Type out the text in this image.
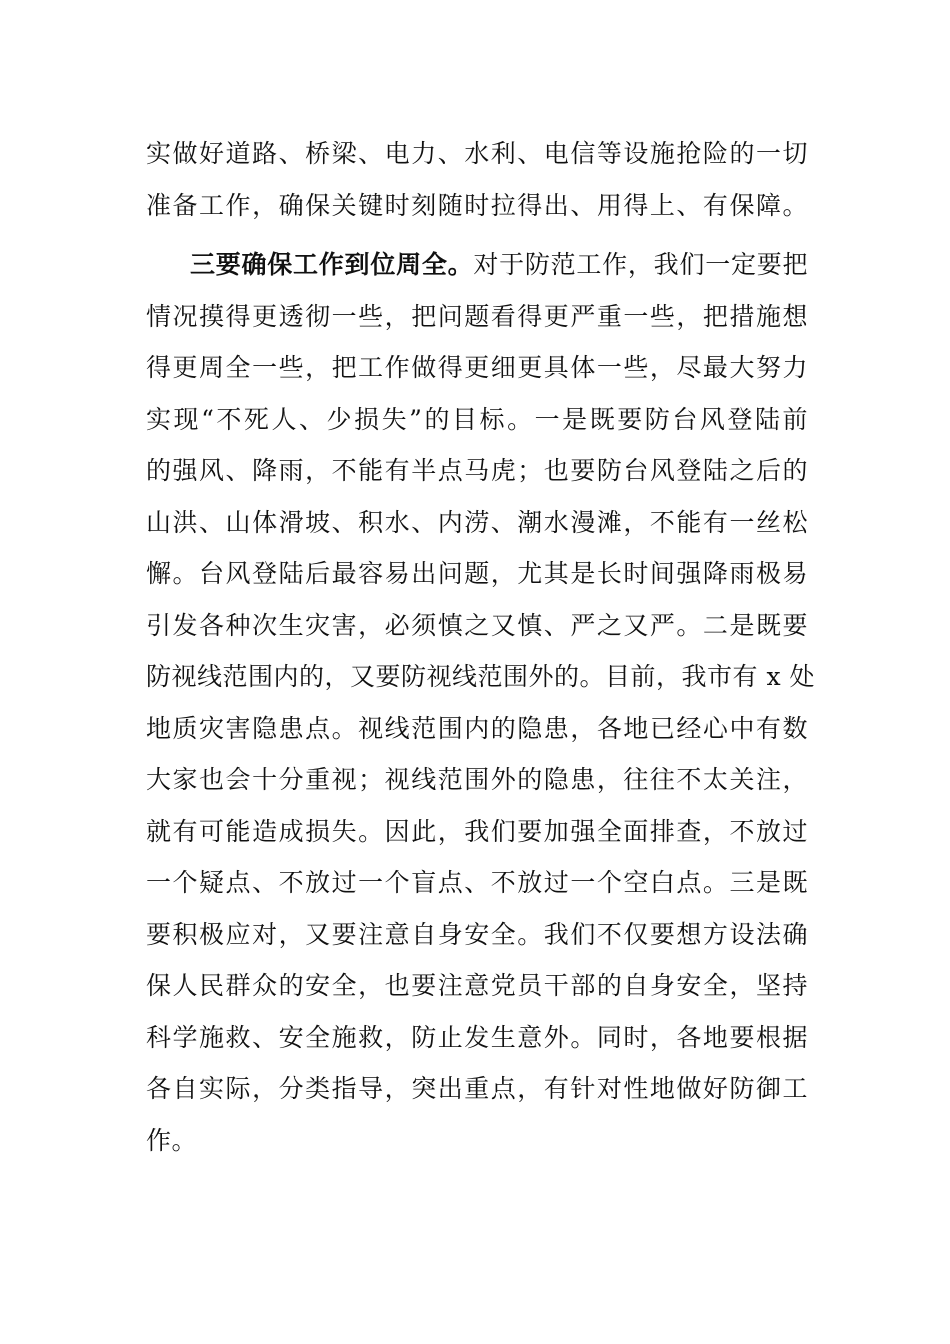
实做好道路、桥梁、电力、水利、电信等设施抢险的一切
准备工作，确保关键时刻随时拉得出、用得上、有保障。
三要确保工作到位周全。对于防范工作，我们一定要把
情况摸得更透彻一些，把问题看得更严重一些，把措施想
得更周全一些，把工作做得更细更具体一些，尽最大努力
实现“不死人、少损失”的目标。一是既要防台风登陆前
的强风、降雨，不能有半点马虎；也要防台风登陆之后的
山洪、山体滑坡、积水、内涝、潮水漫滩，不能有一丝松
懈。台风登陆后最容易出问题，尤其是长时间强降雨极易
引发各种次生灾害，必须慎之又慎、严之又严。二是既要
防视线范围内的，又要防视线范围外的。目前，我市有 x 处
地质灾害隐患点。视线范围内的隐患，各地已经心中有数
大家也会十分重视；视线范围外的隐患，往往不太关注，
就有可能造成损失。因此，我们要加强全面排查，不放过
一个疑点、不放过一个盲点、不放过一个空白点。三是既
要积极应对，又要注意自身安全。我们不仅要想方设法确
保人民群众的安全，也要注意党员干部的自身安全，坚持
科学施救、安全施救，防止发生意外。同时，各地要根据
各自实际，分类指导，突出重点，有针对性地做好防御工
作。
